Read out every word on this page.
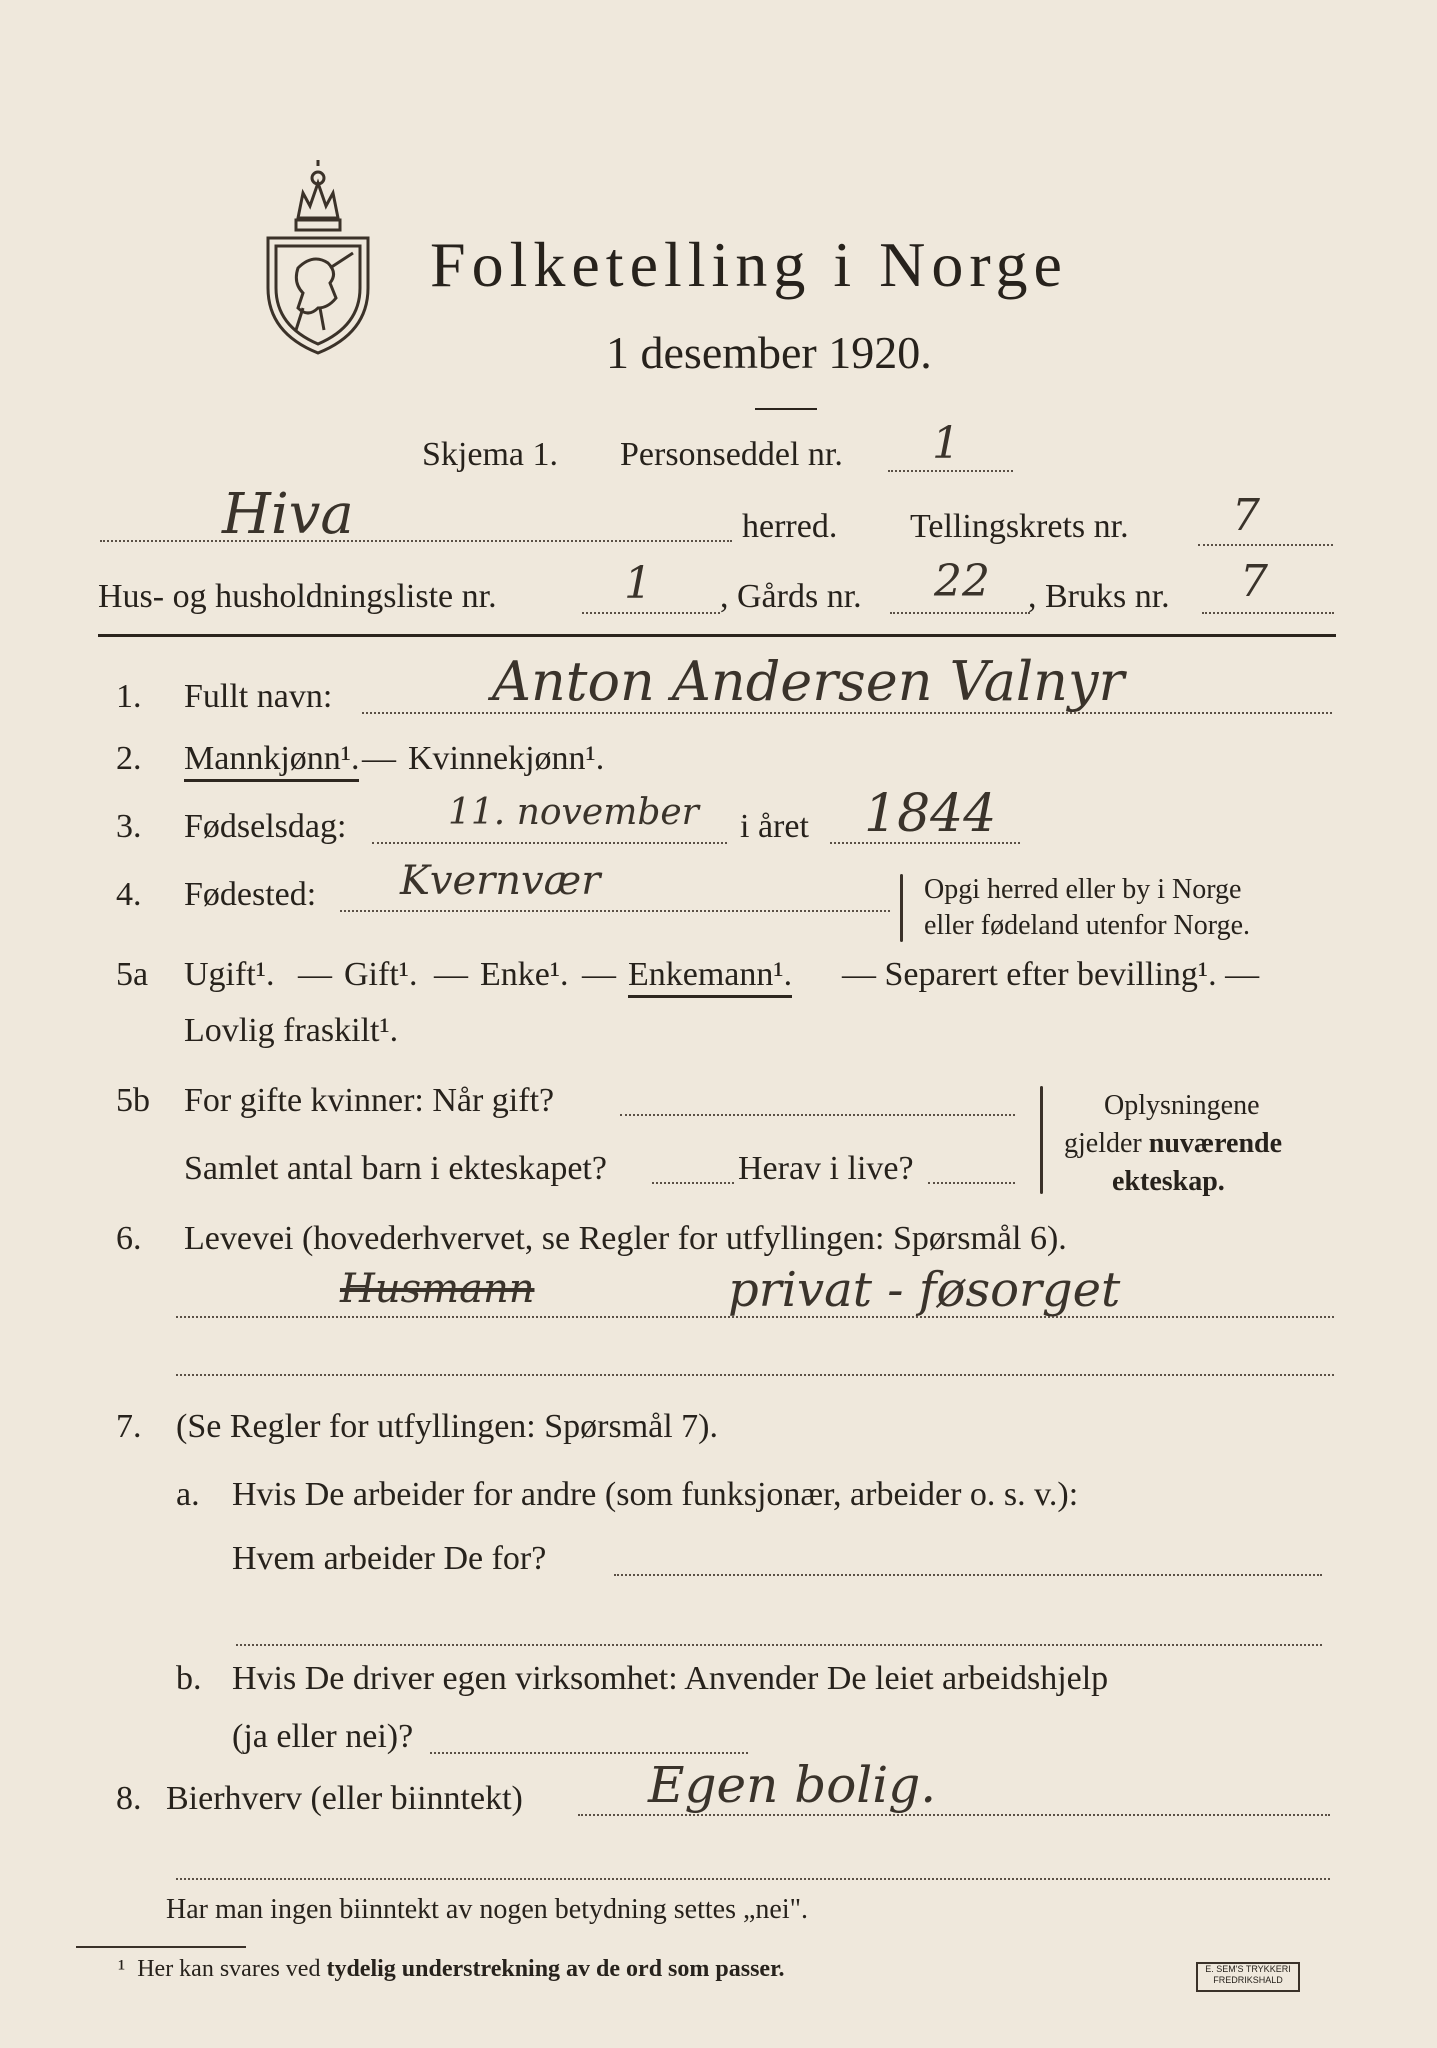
Folketelling i Norge
1 desember 1920.
Skjema 1. Personseddel nr. 1
Hiva	herred. Tellingskrets nr. 7
Hus- og husholdningsliste nr.	1 , Gårds nr. 22 , Bruks nr. 7
1. Fullt navn:	Anton Andersen Valnyr
2. Mannkjønn¹. — Kvinnekjønn¹.
3. Fødselsdag:	11. november i året 1844
4. Fødested: Kvernvær	Opgi herred eller by i Norge
eller fødeland utenfor Norge.
5a Ugift¹. — Gift¹. — Enke¹. — Enkemann¹. — Separert efter bevilling¹. —
Lovlig fraskilt¹.
5b For gifte kvinner: Når gift?
Samlet antal barn i ekteskapet?	Herav i live?
Oplysningene
gjelder nuværende
ekteskap.
6. Levevei (hovederhvervet, se Regler for utfyllingen: Spørsmål 6).
Husmann	privat - føsorget
7. (Se Regler for utfyllingen: Spørsmål 7).
a. Hvis De arbeider for andre (som funksjonær, arbeider o. s. v.):
Hvem arbeider De for?
b. Hvis De driver egen virksomhet: Anvender De leiet arbeidshjelp
(ja eller nei)?
8. Bierhverv (eller biinntekt)	Egen bolig.
Har man ingen biinntekt av nogen betydning settes „nei".
¹ Her kan svares ved tydelig understrekning av de ord som passer.	E. SEM'S TRYKKERI
FREDRIKSHALD
